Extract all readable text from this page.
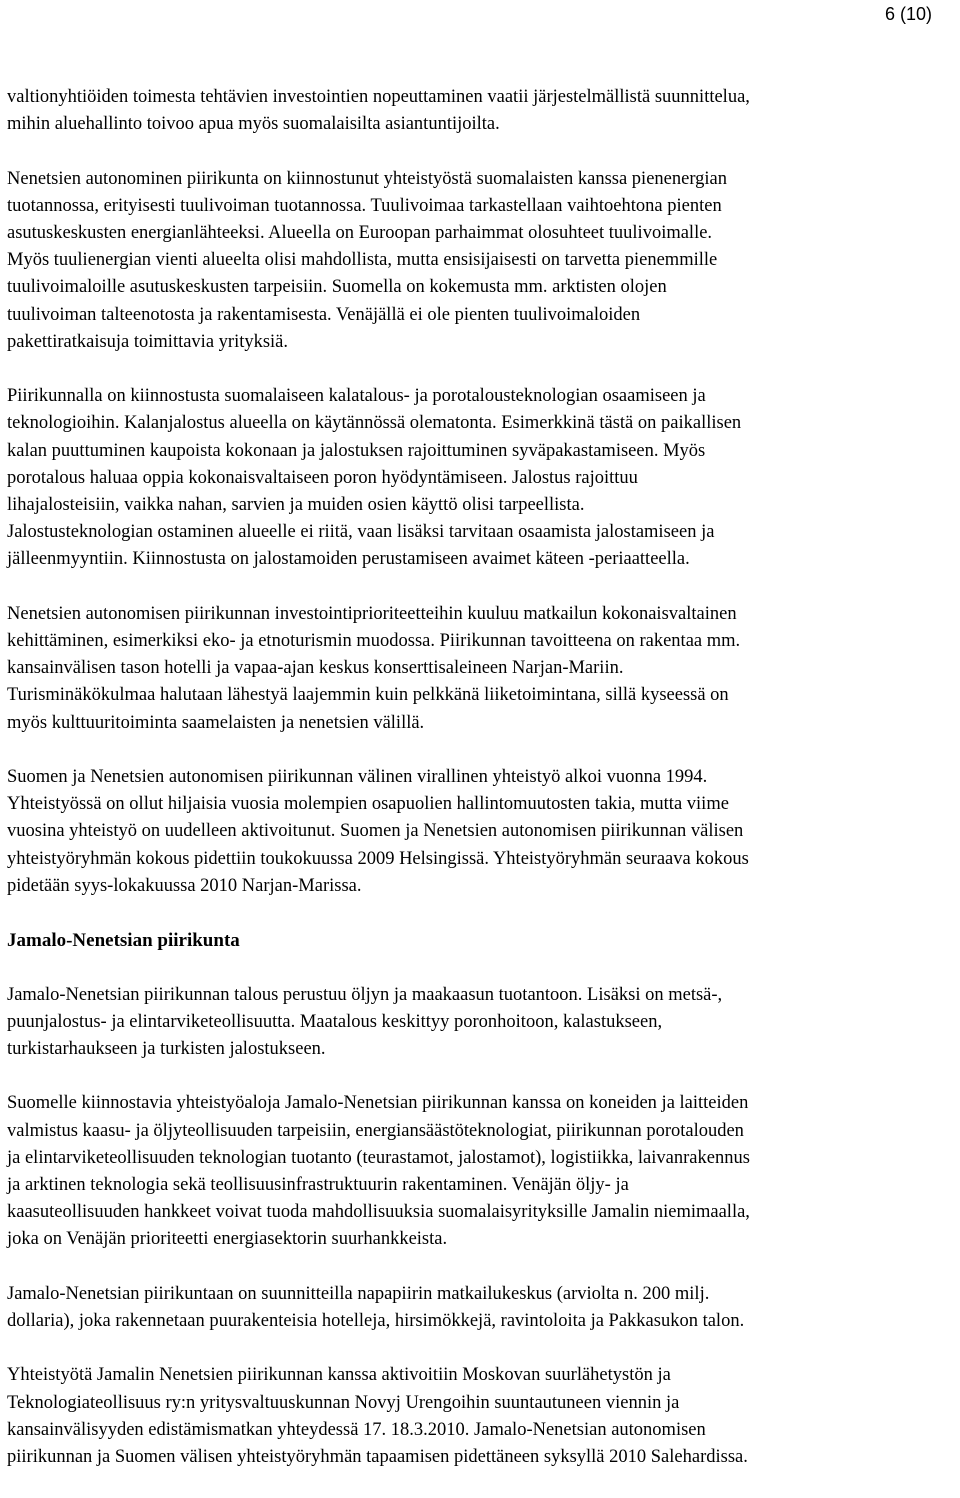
6 (10)
valtionyhtiöiden toimesta tehtävien investointien nopeuttaminen vaatii järjestelmällistä suunnittelua,
mihin aluehallinto toivoo apua myös suomalaisilta asiantuntijoilta.
Nenetsien autonominen piirikunta on kiinnostunut yhteistyöstä suomalaisten kanssa pienenergian
tuotannossa, erityisesti tuulivoiman tuotannossa. Tuulivoimaa tarkastellaan vaihtoehtona pienten
asutuskeskusten energianlähteeksi. Alueella on Euroopan parhaimmat olosuhteet tuulivoimalle.
Myös tuulienergian vienti alueelta olisi mahdollista, mutta ensisijaisesti on tarvetta pienemmille
tuulivoimaloille asutuskeskusten tarpeisiin. Suomella on kokemusta mm. arktisten olojen
tuulivoiman talteenotosta ja rakentamisesta. Venäjällä ei ole pienten tuulivoimaloiden
pakettiratkaisuja toimittavia yrityksiä.
Piirikunnalla on kiinnostusta suomalaiseen kalatalous- ja porotalousteknologian osaamiseen ja
teknologioihin. Kalanjalostus alueella on käytännössä olematonta. Esimerkkinä tästä on paikallisen
kalan puuttuminen kaupoista kokonaan ja jalostuksen rajoittuminen syväpakastamiseen. Myös
porotalous haluaa oppia kokonaisvaltaiseen poron hyödyntämiseen. Jalostus rajoittuu
lihajalosteisiin, vaikka nahan, sarvien ja muiden osien käyttö olisi tarpeellista.
Jalostusteknologian ostaminen alueelle ei riitä, vaan lisäksi tarvitaan osaamista jalostamiseen ja
jälleenmyyntiin. Kiinnostusta on jalostamoiden perustamiseen avaimet käteen -periaatteella.
Nenetsien autonomisen piirikunnan investointiprioriteetteihin kuuluu matkailun kokonaisvaltainen
kehittäminen, esimerkiksi eko- ja etnoturismin muodossa. Piirikunnan tavoitteena on rakentaa mm.
kansainvälisen tason hotelli ja vapaa-ajan keskus konserttisaleineen Narjan-Mariin.
Turisminäkökulmaa halutaan lähestyä laajemmin kuin pelkkänä liiketoimintana, sillä kyseessä on
myös kulttuuritoiminta saamelaisten ja nenetsien välillä.
Suomen ja Nenetsien autonomisen piirikunnan välinen virallinen yhteistyö alkoi vuonna 1994.
Yhteistyössä on ollut hiljaisia vuosia molempien osapuolien hallintomuutosten takia, mutta viime
vuosina yhteistyö on uudelleen aktivoitunut. Suomen ja Nenetsien autonomisen piirikunnan välisen
yhteistyöryhmän kokous pidettiin toukokuussa 2009 Helsingissä. Yhteistyöryhmän seuraava kokous
pidetään syys-lokakuussa 2010 Narjan-Marissa.
Jamalo-Nenetsian piirikunta
Jamalo-Nenetsian piirikunnan talous perustuu öljyn ja maakaasun tuotantoon. Lisäksi on metsä-,
puunjalostus- ja elintarviketeollisuutta. Maatalous keskittyy poronhoitoon, kalastukseen,
turkistarhaukseen ja turkisten jalostukseen.
Suomelle kiinnostavia yhteistyöaloja Jamalo-Nenetsian piirikunnan kanssa on koneiden ja laitteiden
valmistus kaasu- ja öljyteollisuuden tarpeisiin, energiansäästöteknologiat, piirikunnan porotalouden
ja elintarviketeollisuuden teknologian tuotanto (teurastamot, jalostamot), logistiikka, laivanrakennus
ja arktinen teknologia sekä teollisuusinfrastruktuurin rakentaminen. Venäjän öljy- ja
kaasuteollisuuden hankkeet voivat tuoda mahdollisuuksia suomalaisyrityksille Jamalin niemimaalla,
joka on Venäjän prioriteetti energiasektorin suurhankkeista.
Jamalo-Nenetsian piirikuntaan on suunnitteilla napapiirin matkailukeskus (arviolta n. 200 milj.
dollaria), joka rakennetaan puurakenteisia hotelleja, hirsimökkejä, ravintoloita ja Pakkasukon talon.
Yhteistyötä Jamalin Nenetsien piirikunnan kanssa aktivoitiin Moskovan suurlähetystön ja
Teknologiateollisuus ry:n yritysvaltuuskunnan Novyj Urengoihin suuntautuneen viennin ja
kansainvälisyyden edistämismatkan yhteydessä 17. 18.3.2010. Jamalo-Nenetsian autonomisen
piirikunnan ja Suomen välisen yhteistyöryhmän tapaamisen pidettäneen syksyllä 2010 Salehardissa.
